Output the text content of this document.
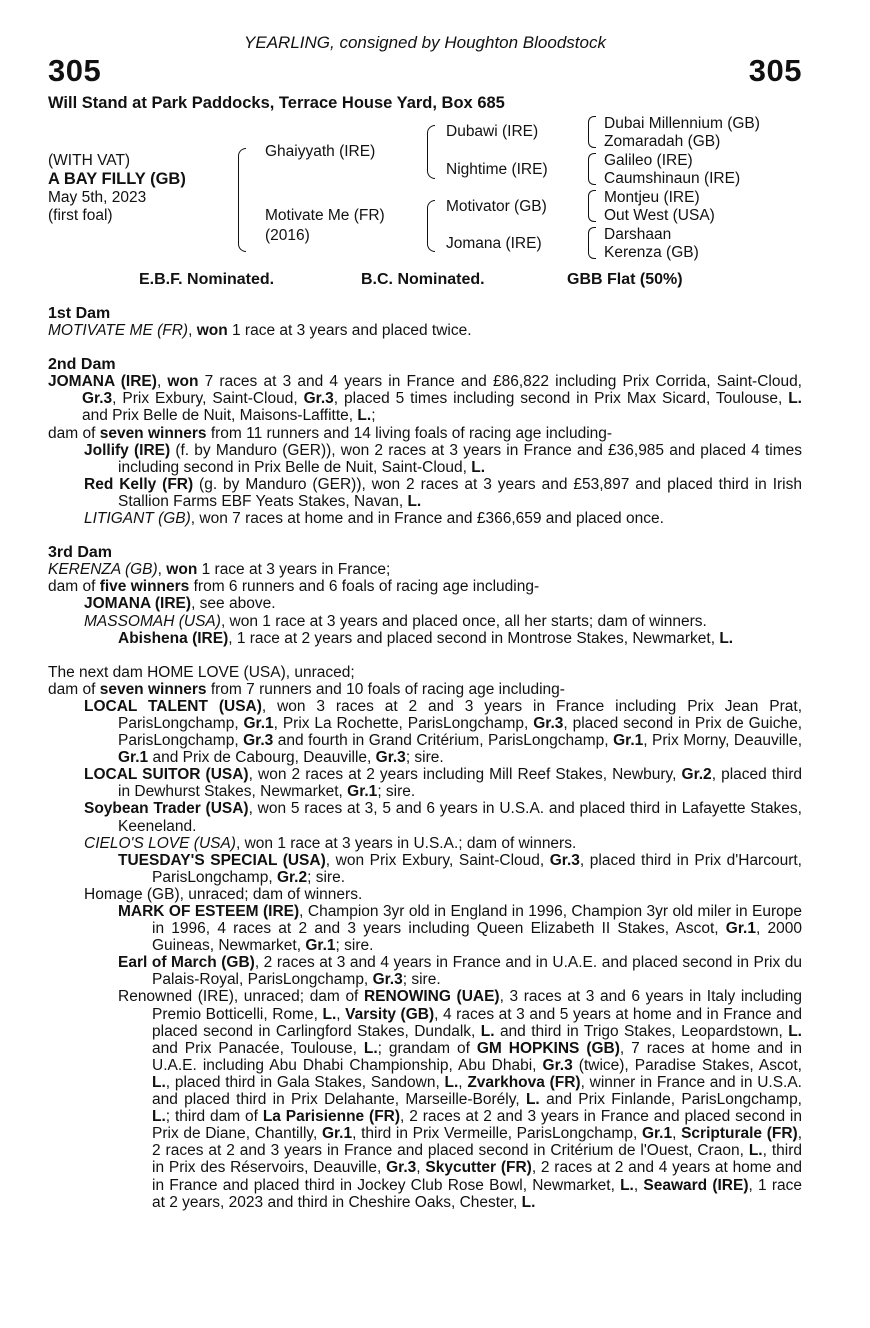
YEARLING, consigned by Houghton Bloodstock
305	305
Will Stand at Park Paddocks, Terrace House Yard, Box 685
(WITH VAT)
A BAY FILLY (GB)
May 5th, 2023
(first foal)
Ghaiyyath (IRE)
Motivate Me (FR)
(2016)
Dubawi (IRE)
Nightime (IRE)
Motivator (GB)
Jomana (IRE)
Dubai Millennium (GB)
Zomaradah (GB)
Galileo (IRE)
Caumshinaun (IRE)
Montjeu (IRE)
Out West (USA)
Darshaan
Kerenza (GB)
E.B.F. Nominated.	B.C. Nominated.	GBB Flat (50%)
1st Dam

MOTIVATE ME (FR), won 1 race at 3 years and placed twice.

2nd Dam

JOMANA (IRE), won 7 races at 3 and 4 years in France and £86,822 including Prix Corrida, Saint-Cloud, Gr.3, Prix Exbury, Saint-Cloud, Gr.3, placed 5 times including second in Prix Max Sicard, Toulouse, L. and Prix Belle de Nuit, Maisons-Laffitte, L.;

dam of seven winners from 11 runners and 14 living foals of racing age including-

Jollify (IRE) (f. by Manduro (GER)), won 2 races at 3 years in France and £36,985 and placed 4 times including second in Prix Belle de Nuit, Saint-Cloud, L.

Red Kelly (FR) (g. by Manduro (GER)), won 2 races at 3 years and £53,897 and placed third in Irish Stallion Farms EBF Yeats Stakes, Navan, L.

LITIGANT (GB), won 7 races at home and in France and £366,659 and placed once.

3rd Dam

KERENZA (GB), won 1 race at 3 years in France;

dam of five winners from 6 runners and 6 foals of racing age including-

JOMANA (IRE), see above.

MASSOMAH (USA), won 1 race at 3 years and placed once, all her starts; dam of winners.

Abishena (IRE), 1 race at 2 years and placed second in Montrose Stakes, Newmarket, L.

The next dam HOME LOVE (USA), unraced;

dam of seven winners from 7 runners and 10 foals of racing age including-

LOCAL TALENT (USA), won 3 races at 2 and 3 years in France including Prix Jean Prat, ParisLongchamp, Gr.1, Prix La Rochette, ParisLongchamp, Gr.3, placed second in Prix de Guiche, ParisLongchamp, Gr.3 and fourth in Grand Critérium, ParisLongchamp, Gr.1, Prix Morny, Deauville, Gr.1 and Prix de Cabourg, Deauville, Gr.3; sire.

LOCAL SUITOR (USA), won 2 races at 2 years including Mill Reef Stakes, Newbury, Gr.2, placed third in Dewhurst Stakes, Newmarket, Gr.1; sire.

Soybean Trader (USA), won 5 races at 3, 5 and 6 years in U.S.A. and placed third in Lafayette Stakes, Keeneland.

CIELO'S LOVE (USA), won 1 race at 3 years in U.S.A.; dam of winners.

TUESDAY'S SPECIAL (USA), won Prix Exbury, Saint-Cloud, Gr.3, placed third in Prix d'Harcourt, ParisLongchamp, Gr.2; sire.

Homage (GB), unraced; dam of winners.

MARK OF ESTEEM (IRE), Champion 3yr old in England in 1996, Champion 3yr old miler in Europe in 1996, 4 races at 2 and 3 years including Queen Elizabeth II Stakes, Ascot, Gr.1, 2000 Guineas, Newmarket, Gr.1; sire.

Earl of March (GB), 2 races at 3 and 4 years in France and in U.A.E. and placed second in Prix du Palais-Royal, ParisLongchamp, Gr.3; sire.

Renowned (IRE), unraced; dam of RENOWING (UAE), 3 races at 3 and 6 years in Italy including Premio Botticelli, Rome, L., Varsity (GB), 4 races at 3 and 5 years at home and in France and placed second in Carlingford Stakes, Dundalk, L. and third in Trigo Stakes, Leopardstown, L. and Prix Panacée, Toulouse, L.; grandam of GM HOPKINS (GB), 7 races at home and in U.A.E. including Abu Dhabi Championship, Abu Dhabi, Gr.3 (twice), Paradise Stakes, Ascot, L., placed third in Gala Stakes, Sandown, L., Zvarkhova (FR), winner in France and in U.S.A. and placed third in Prix Delahante, Marseille-Borély, L. and Prix Finlande, ParisLongchamp, L.; third dam of La Parisienne (FR), 2 races at 2 and 3 years in France and placed second in Prix de Diane, Chantilly, Gr.1, third in Prix Vermeille, ParisLongchamp, Gr.1, Scripturale (FR), 2 races at 2 and 3 years in France and placed second in Critérium de l'Ouest, Craon, L., third in Prix des Réservoirs, Deauville, Gr.3, Skycutter (FR), 2 races at 2 and 4 years at home and in France and placed third in Jockey Club Rose Bowl, Newmarket, L., Seaward (IRE), 1 race at 2 years, 2023 and third in Cheshire Oaks, Chester, L.
